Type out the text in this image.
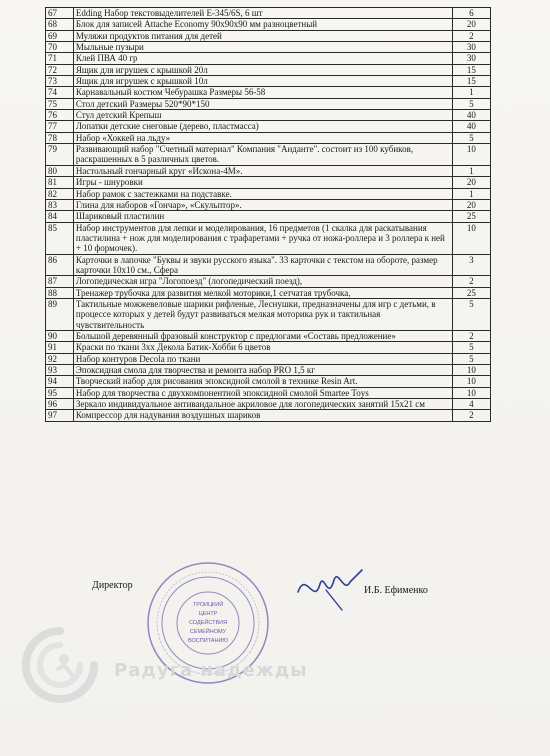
67	Edding Набор текстовыделителей Е-345/6S, 6 шт	6
68	Блок для записей Attache Economy 90х90х90 мм разноцветный	20
69	Муляжи продуктов питания для детей	2
70	Мыльные пузыри	30
71	Клей ПВА 40 гр	30
72	Ящик для игрушек с крышкой 20л	15
73	Ящик для игрушек с крышкой 10л	15
74	Карнавальный костюм Чебурашка Размеры 56-58	1
75	Стол детский Размеры 520*90*150	5
76	Стул детский Крепыш	40
77	Лопатки детские снеговые (дерево, пластмасса)	40
78	Набор «Хоккей на льду»	5
79	Развивающий набор "Счетный материал" Компания "Анданте". состоит из 100 кубиков, раскрашенных в 5 различных цветов.	10
80	Настольный гончарный круг «Искона-4М».	1
81	Игры - шнуровки	20
82	Набор рамок с застежками на подставке.	1
83	Глина для наборов «Гончар», «Скульптор».	20
84	Шариковый пластилин	25
85	Набор инструментов для лепки и моделирования, 16 предметов (1 скалка для раскатывания пластилина + нож для моделирования с трафаретами + ручка от ножа-роллера и 3 роллера к ней + 10 формочек).	10
86	Карточки в лапочке "Буквы и звуки русского языка". 33 карточки с текстом на обороте, размер карточки 10х10 см., Сфера	3
87	Логопедическая игра "Логопоезд" (логопедический поезд),	2
88	Тренажер трубочка для развития мелкой моторики,1 сетчатая трубочка,	25
89	Тактильные можжевеловые шарики рифленые, Леснушки, предназначены для игр с детьми, в процессе которых у детей будут развиваться мелкая моторика рук и тактильная чувствительность	5
90	Большой деревянный фразовый конструктор с предлогами «Составь предложение»	2
91	Краски по ткани 3хх Декола Батик-Хобби 6 цветов	5
92	Набор контуров Decola по ткани	5
93	Эпоксидная смола для творчества и ремонта набор PRO 1,5 кг	10
94	Творческий набор для рисования эпоксидной смолой в технике Resin Art.	10
95	Набор для творчества с двухкомпонентной эпоксидной смолой Smartee Toys	10
96	Зеркало индивидуальное антивандальное акриловое для логопедических занятий 15х21 см	4
97	Компрессор для надувания воздушных шариков	2
ТРОИЦКИЙ
ЦЕНТР
СОДЕЙСТВИЯ
СЕМЕЙНОМУ
ВОСПИТАНИЮ
Директор	И.Б. Ефименко
Радуга надежды
